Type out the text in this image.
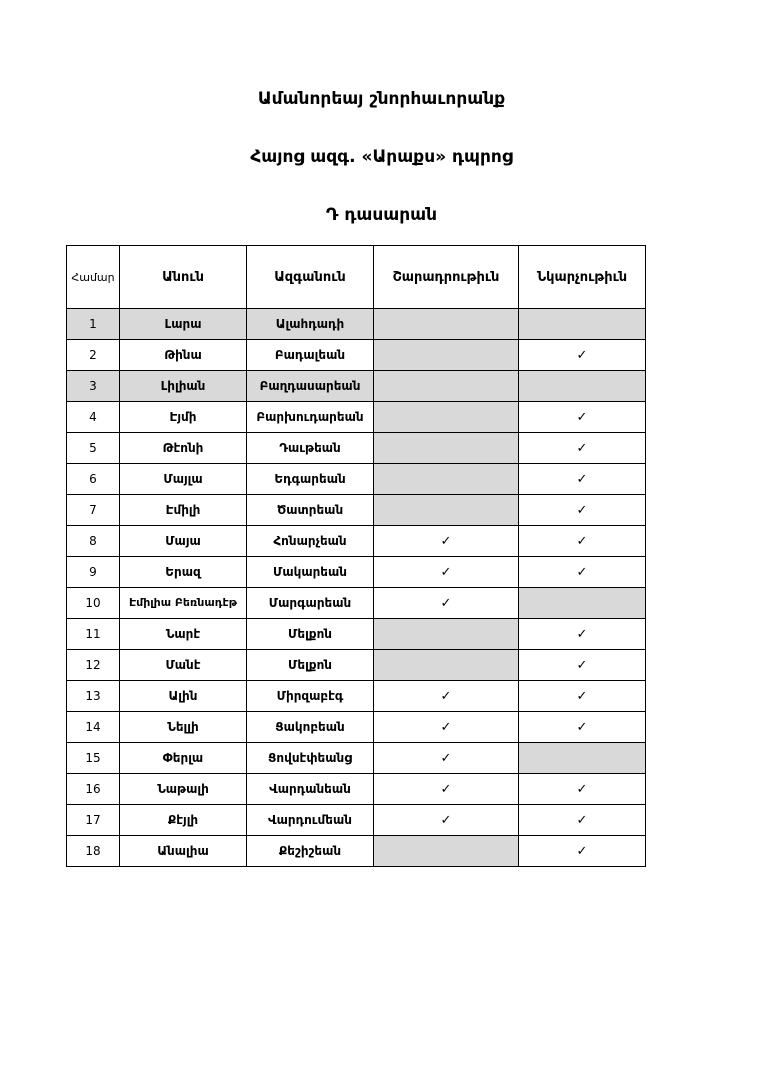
Ամանորեայ շնորհաւորանք
Հայոց ազգ. «Արաքս» դպրոց
Դ դասարան
Համար	Անուն	Ազգանուն	Շարադրութիւն	Նկարչութիւն
1	Լարա	Ալահդադի		
2	Թինա	Բադալեան		✓
3	Լիլիան	Բաղդասարեան		
4	Էյմի	Բարխուդարեան		✓
5	Թէոնի	Դաւթեան		✓
6	Մայլա	Եդգարեան		✓
7	Էմիլի	Ծատրեան		✓
8	Մայա	Հոնարչեան	✓	✓
9	Երազ	Մակարեան	✓	✓
10	Էմիլիա Բեռնադէթ	Մարգարեան	✓	
11	Նարէ	Մելքոն		✓
12	Մանէ	Մելքոն		✓
13	Ալին	Միրզաբէգ	✓	✓
14	Նելլի	Ցակոբեան	✓	✓
15	Փերլա	Ցովսէփեանց	✓	
16	Նաթալի	Վարդանեան	✓	✓
17	Քէյլի	Վարդումեան	✓	✓
18	Անալիա	Քեշիշեան		✓
